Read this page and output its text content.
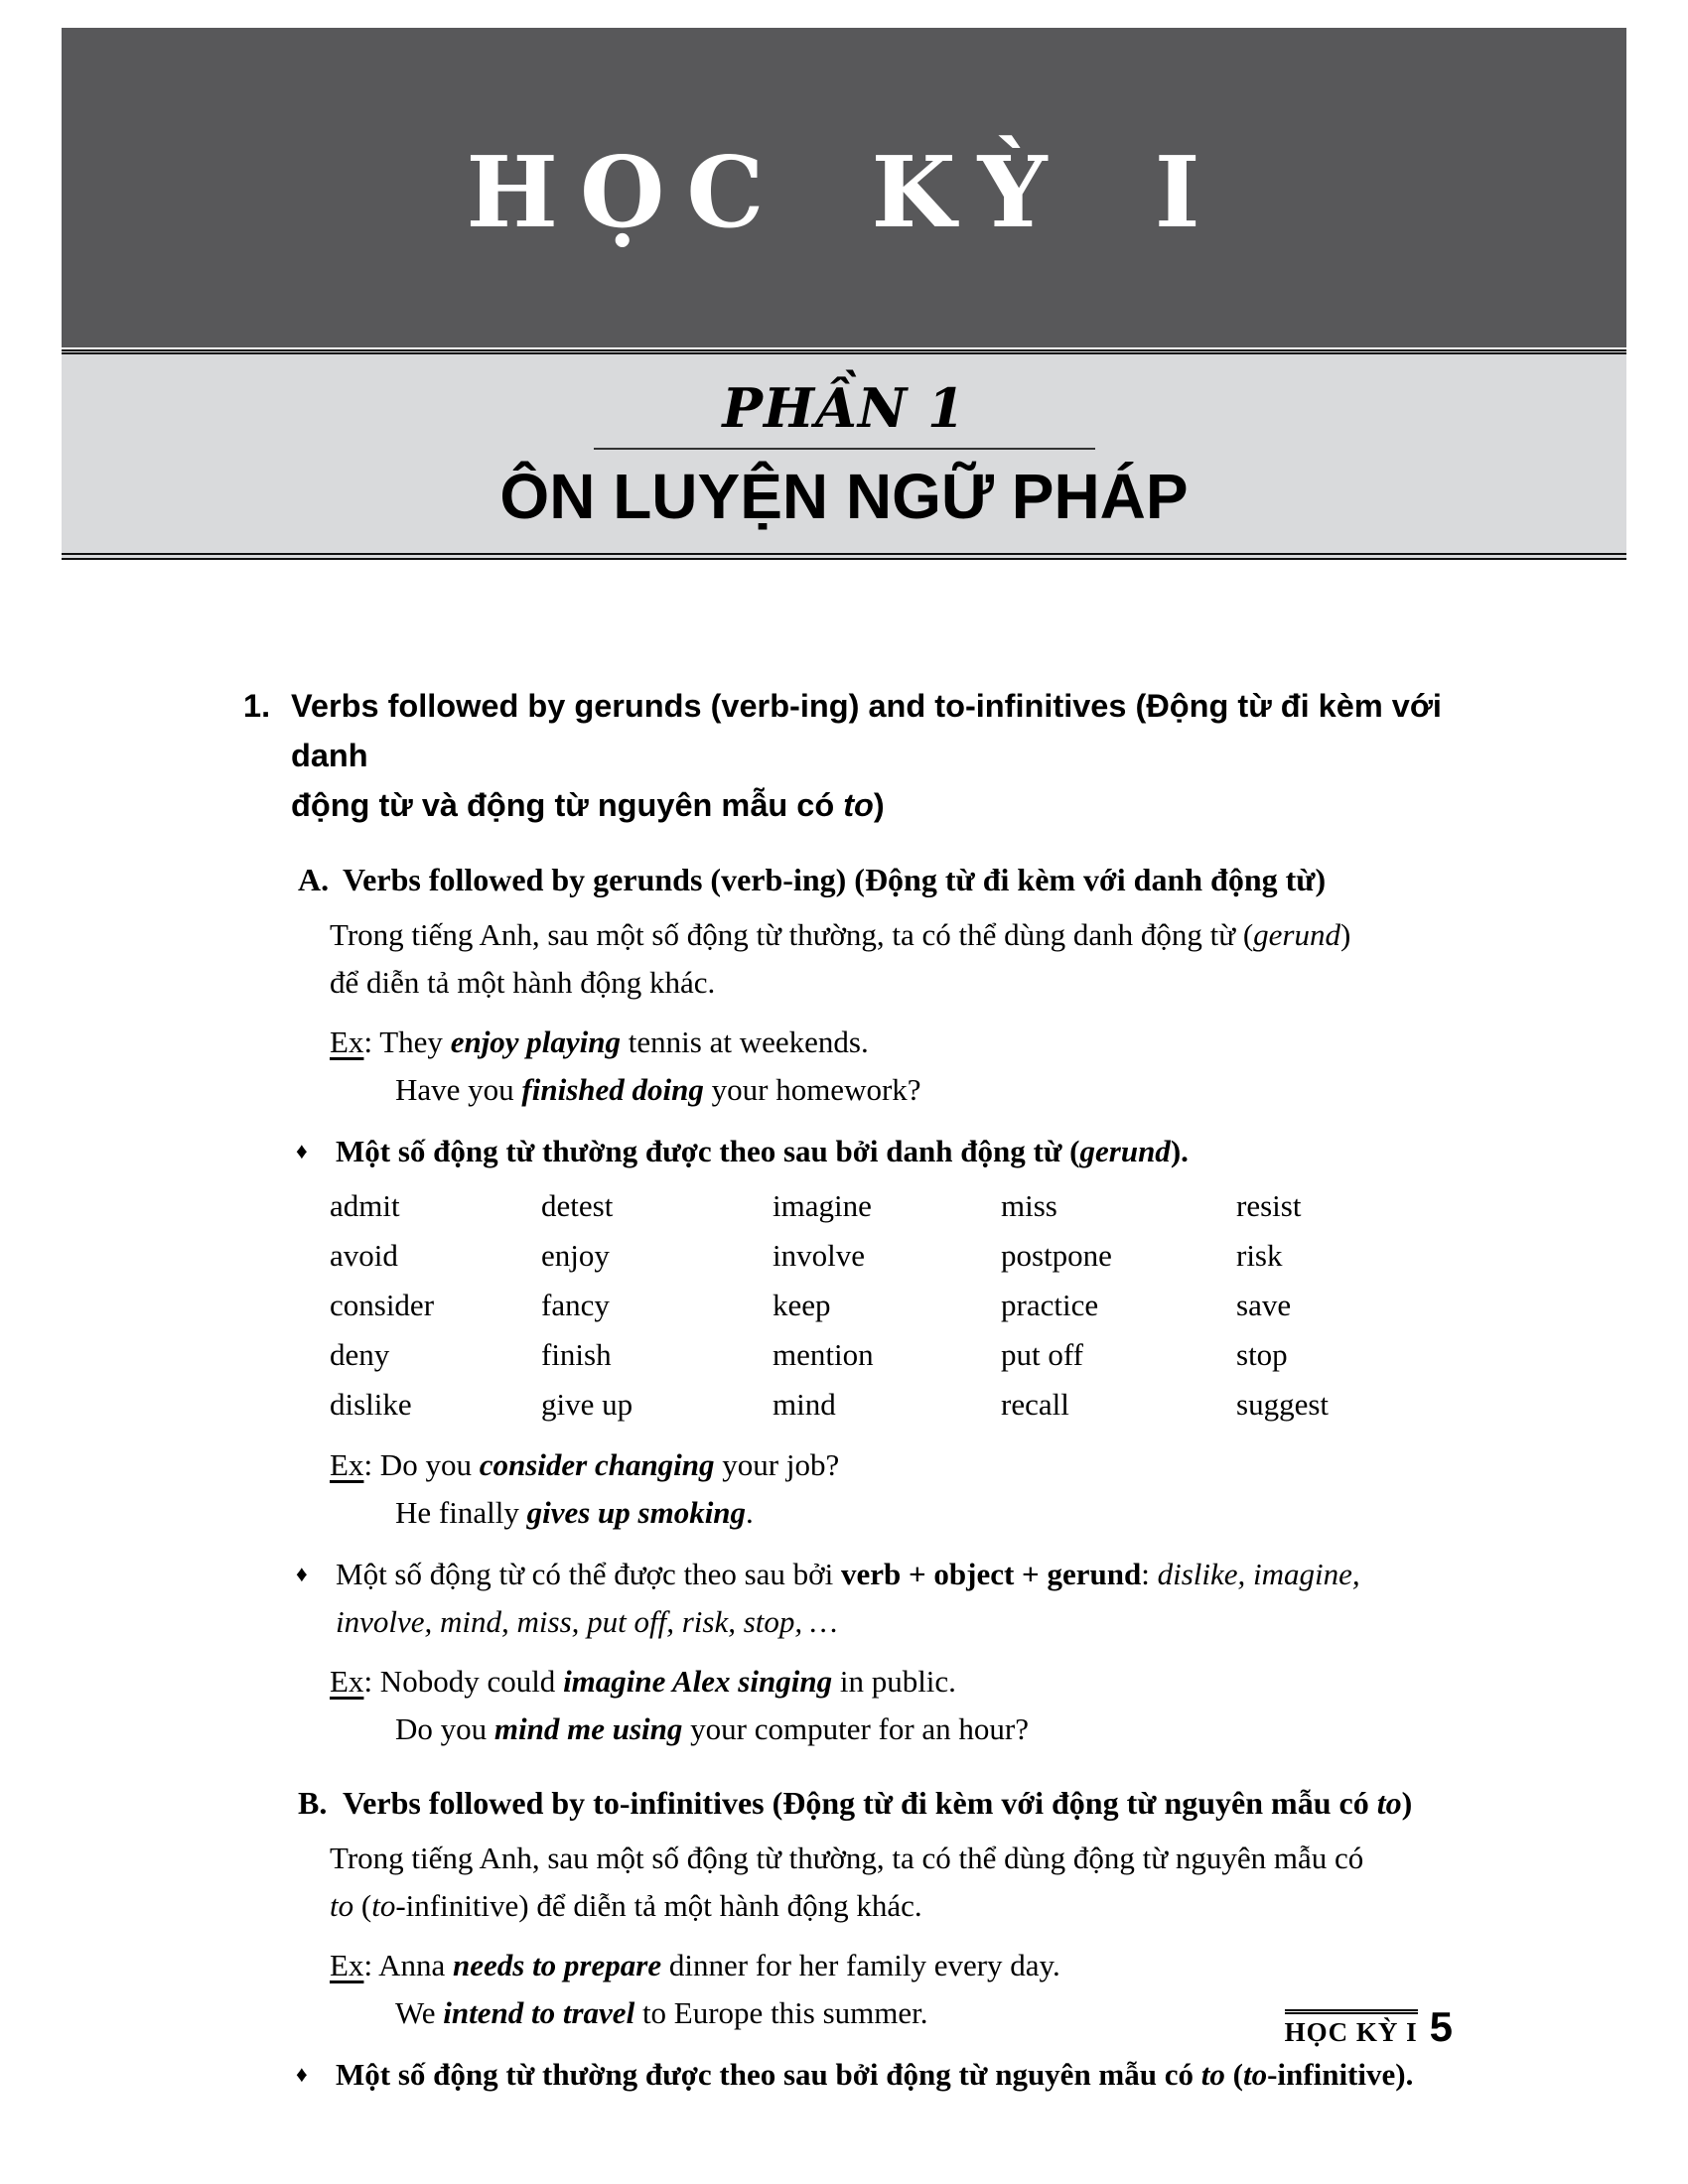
HỌC KỲ I
PHẦN 1
ÔN LUYỆN NGỮ PHÁP
1. Verbs followed by gerunds (verb-ing) and to-infinitives (Động từ đi kèm với danh
động từ và động từ nguyên mẫu có to)
A. Verbs followed by gerunds (verb-ing) (Động từ đi kèm với danh động từ)
Trong tiếng Anh, sau một số động từ thường, ta có thể dùng danh động từ (gerund)
để diễn tả một hành động khác.
Ex: They enjoy playing tennis at weekends.
Have you finished doing your homework?
♦ Một số động từ thường được theo sau bởi danh động từ (gerund).
admit	detest	imagine	miss	resist
avoid	enjoy	involve	postpone	risk
consider	fancy	keep	practice	save
deny	finish	mention	put off	stop
dislike	give up	mind	recall	suggest
Ex: Do you consider changing your job?
He finally gives up smoking.
♦ Một số động từ có thể được theo sau bởi verb + object + gerund: dislike, imagine,
involve, mind, miss, put off, risk, stop, …
Ex: Nobody could imagine Alex singing in public.
Do you mind me using your computer for an hour?
B. Verbs followed by to-infinitives (Động từ đi kèm với động từ nguyên mẫu có to)
Trong tiếng Anh, sau một số động từ thường, ta có thể dùng động từ nguyên mẫu có
to (to-infinitive) để diễn tả một hành động khác.
Ex: Anna needs to prepare dinner for her family every day.
We intend to travel to Europe this summer.
♦ Một số động từ thường được theo sau bởi động từ nguyên mẫu có to (to-infinitive).
HỌC KỲ I 5
